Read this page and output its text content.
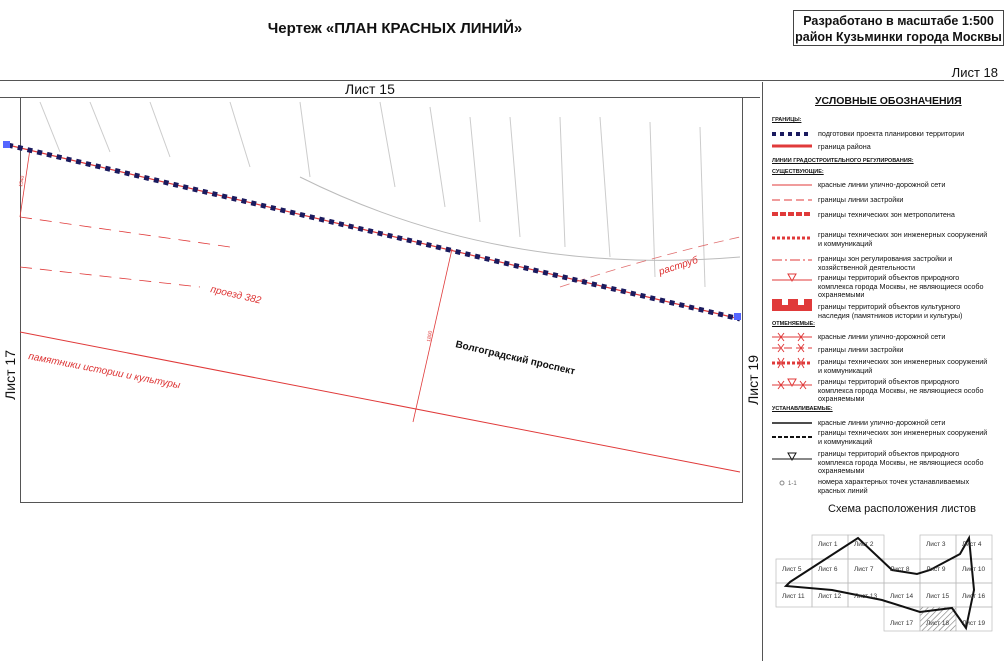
Чертеж «ПЛАН КРАСНЫХ ЛИНИЙ»	Разработано в масштабе 1:500
район Кузьминки города Москвы
Лист 18
Лист 15
Лист 17	Лист 19
Волгоградский проспект
проезд 382
памятники истории и культуры
раструб
1800
1540
УСЛОВНЫЕ ОБОЗНАЧЕНИЯ
1-1
ГРАНИЦЫ:
подготовки проекта планировки территории
граница района
ЛИНИИ ГРАДОСТРОИТЕЛЬНОГО РЕГУЛИРОВАНИЯ:
СУЩЕСТВУЮЩИЕ:
красные линии улично-дорожной сети
границы линии застройки
границы технических зон метрополитена
границы технических зон инженерных сооружений и коммуникаций
границы зон регулирования застройки и хозяйственной деятельности
границы территорий объектов природного комплекса города Москвы, не являющиеся особо охраняемыми
границы территорий объектов культурного наследия (памятников истории и культуры)
ОТМЕНЯЕМЫЕ:
красные линии улично-дорожной сети
границы линии застройки
границы технических зон инженерных сооружений и коммуникаций
границы территорий объектов природного комплекса города Москвы, не являющиеся особо охраняемыми
УСТАНАВЛИВАЕМЫЕ:
красные линии улично-дорожной сети
границы технических зон инженерных сооружений и коммуникаций
границы территорий объектов природного комплекса города Москвы, не являющиеся особо охраняемыми
номера характерных точек устанавливаемых красных линий
Схема расположения листов
Лист 1	Лист 2	Лист 3	Лист 4
Лист 5	Лист 6	Лист 7	Лист 8	Лист 9	Лист 10
Лист 11 Лист 12 Лист 13 Лист 14 Лист 15 Лист 16
Лист 17 Лист 18 Лист 19
